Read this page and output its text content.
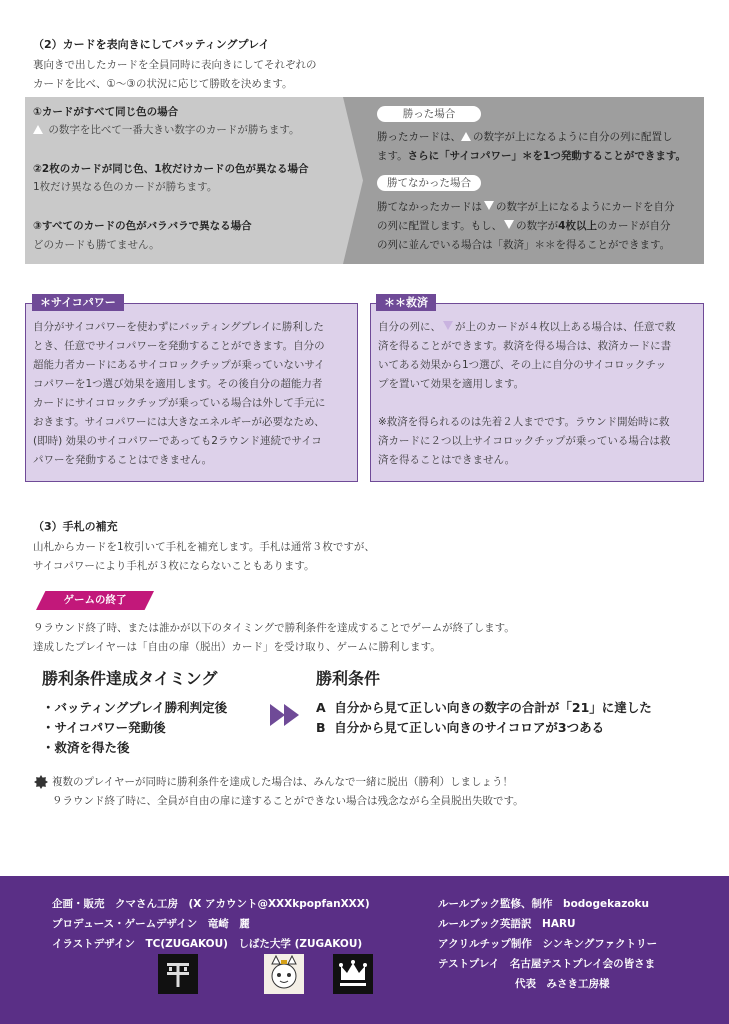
（2）カードを表向きにしてバッティングプレイ
裏向きで出したカードを全員同時に表向きにしてそれぞれの
カードを比べ、①〜③の状況に応じて勝敗を決めます。
①カードがすべて同じ色の場合
の数字を比べて一番大きい数字のカードが勝ちます。
②2枚のカードが同じ色、1枚だけカードの色が異なる場合
1枚だけ異なる色のカードが勝ちます。
③すべてのカードの色がバラバラで異なる場合
どのカードも勝てません。
勝った場合
勝ったカードは、 の数字が上になるように自分の列に配置し
ます。さらに「サイコパワー」＊を1つ発動することができます。
勝てなかった場合
勝てなかったカードは の数字が上になるようにカードを自分
の列に配置します。もし、 の数字が4枚以上のカードが自分
の列に並んでいる場合は「救済」＊＊を得ることができます。
＊サイコパワー
自分がサイコパワーを使わずにバッティングプレイに勝利した
とき、任意でサイコパワーを発動することができます。自分の
超能力者カードにあるサイコロックチップが乗っていないサイ
コパワーを1つ選び効果を適用します。その後自分の超能力者
カードにサイコロックチップが乗っている場合は外して手元に
おきます。サイコパワーには大きなエネルギーが必要なため、
(即時) 効果のサイコパワーであっても2ラウンド連続でサイコ
パワーを発動することはできません。
＊＊救済
自分の列に、 が上のカードが４枚以上ある場合は、任意で救
済を得ることができます。救済を得る場合は、救済カードに書
いてある効果から1つ選び、その上に自分のサイコロックチッ
プを置いて効果を適用します。
※救済を得られるのは先着２人までです。ラウンド開始時に救
済カードに２つ以上サイコロックチップが乗っている場合は救
済を得ることはできません。
（3）手札の補充
山札からカードを1枚引いて手札を補充します。手札は通常３枚ですが、
サイコパワーにより手札が３枚にならないこともあります。
ゲームの終了
９ラウンド終了時、または誰かが以下のタイミングで勝利条件を達成することでゲームが終了します。
達成したプレイヤーは「自由の扉（脱出）カード」を受け取り、ゲームに勝利します。
勝利条件達成タイミング
・バッティングプレイ勝利判定後
・サイコパワー発動後
・救済を得た後
勝利条件
A 自分から見て正しい向きの数字の合計が「21」に達した
B 自分から見て正しい向きのサイコロアが3つある
複数のプレイヤーが同時に勝利条件を達成した場合は、みんなで一緒に脱出（勝利）しましょう！
９ラウンド終了時に、全員が自由の扉に達することができない場合は残念ながら全員脱出失敗です。
企画・販売　クマさん工房　(X アカウント@XXXkpopfanXXX)
プロデュース・ゲームデザイン　竜崎　麗
イラストデザイン　TC(ZUGAKOU)　しばた大学 (ZUGAKOU)
ルールブック監修、制作　bodogekazoku
ルールブック英語訳　HARU
アクリルチップ制作　シンキングファクトリー
テストプレイ　名古屋テストプレイ会の皆さま
代表　みさき工房様
